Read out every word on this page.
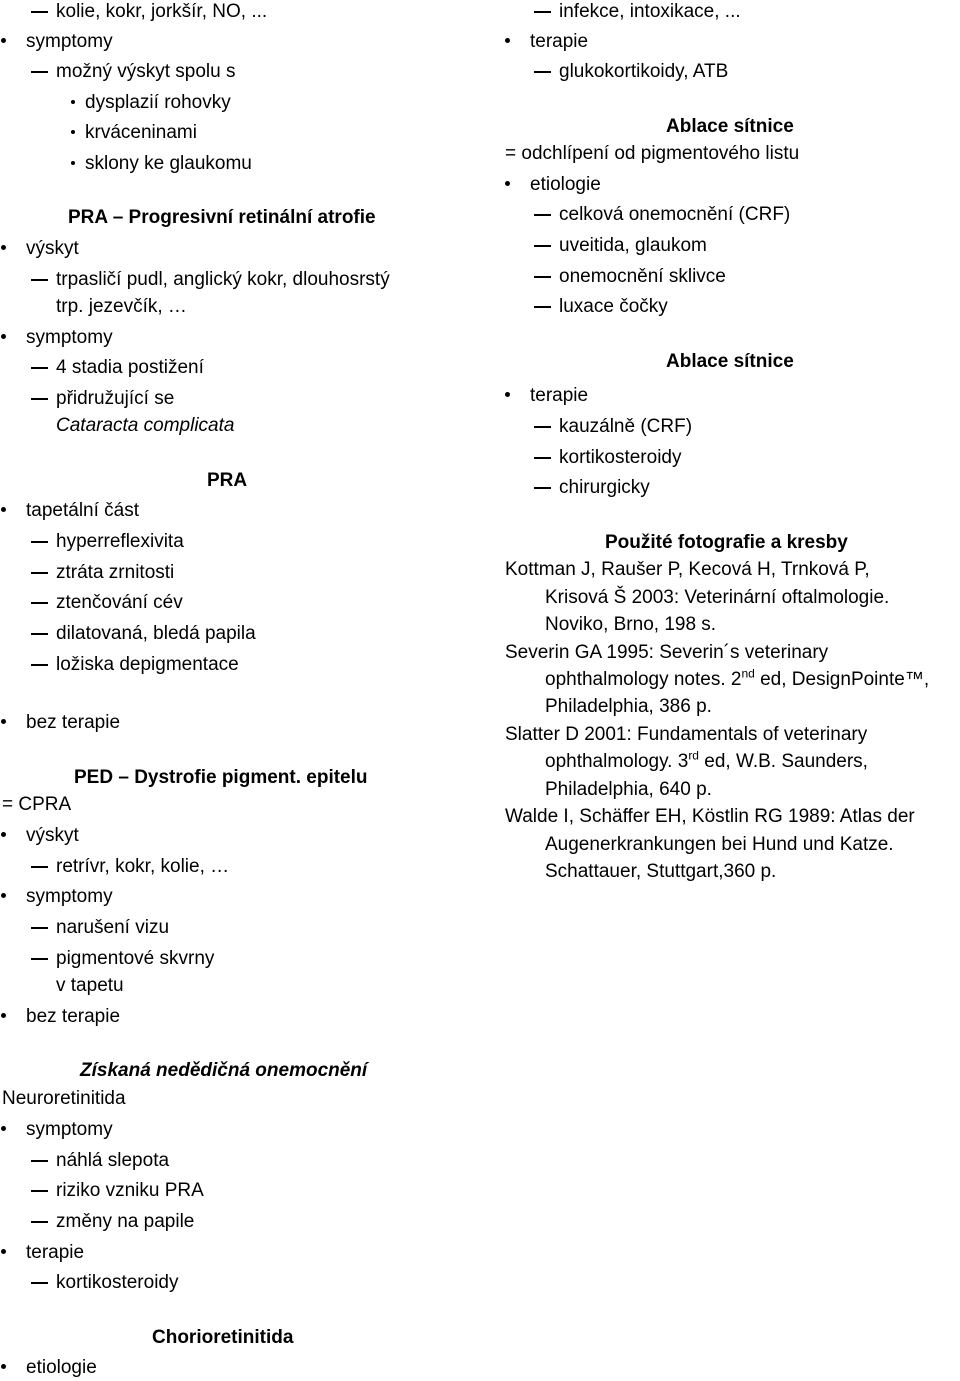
kolie, kokr, jorkšír, NO, ...
symptomy
možný výskyt spolu s
dysplazií rohovky
krváceninami
sklony ke glaukomu
PRA – Progresivní retinální atrofie
výskyt
trpasličí pudl, anglický kokr, dlouhosrstý
trp. jezevčík, …
symptomy
4 stadia postižení
přidružující se
Cataracta complicata
PRA
tapetální část
hyperreflexivita
ztráta zrnitosti
ztenčování cév
dilatovaná, bledá papila
ložiska depigmentace
bez terapie
PED – Dystrofie pigment. epitelu
= CPRA
výskyt
retrívr, kokr, kolie, …
symptomy
narušení vizu
pigmentové skvrny
v tapetu
bez terapie
Získaná nedědičná onemocnění
Neuroretinitida
symptomy
náhlá slepota
riziko vzniku PRA
změny na papile
terapie
kortikosteroidy
Chorioretinitida
etiologie
infekce, intoxikace, ...
terapie
glukokortikoidy, ATB
Ablace sítnice
= odchlípení od pigmentového listu
etiologie
celková onemocnění (CRF)
uveitida, glaukom
onemocnění sklivce
luxace čočky
Ablace sítnice
terapie
kauzálně (CRF)
kortikosteroidy
chirurgicky
Použité fotografie a kresby
Kottman J, Raušer P, Kecová H, Trnková P,
Krisová Š 2003: Veterinární oftalmologie.
Noviko, Brno, 198 s.
Severin GA 1995: Severin´s veterinary
ophthalmology notes. 2nd ed, DesignPointe™,
Philadelphia, 386 p.
Slatter D 2001: Fundamentals of veterinary
ophthalmology. 3rd ed, W.B. Saunders,
Philadelphia, 640 p.
Walde I, Schäffer EH, Köstlin RG 1989: Atlas der
Augenerkrankungen bei Hund und Katze.
Schattauer, Stuttgart,360 p.
